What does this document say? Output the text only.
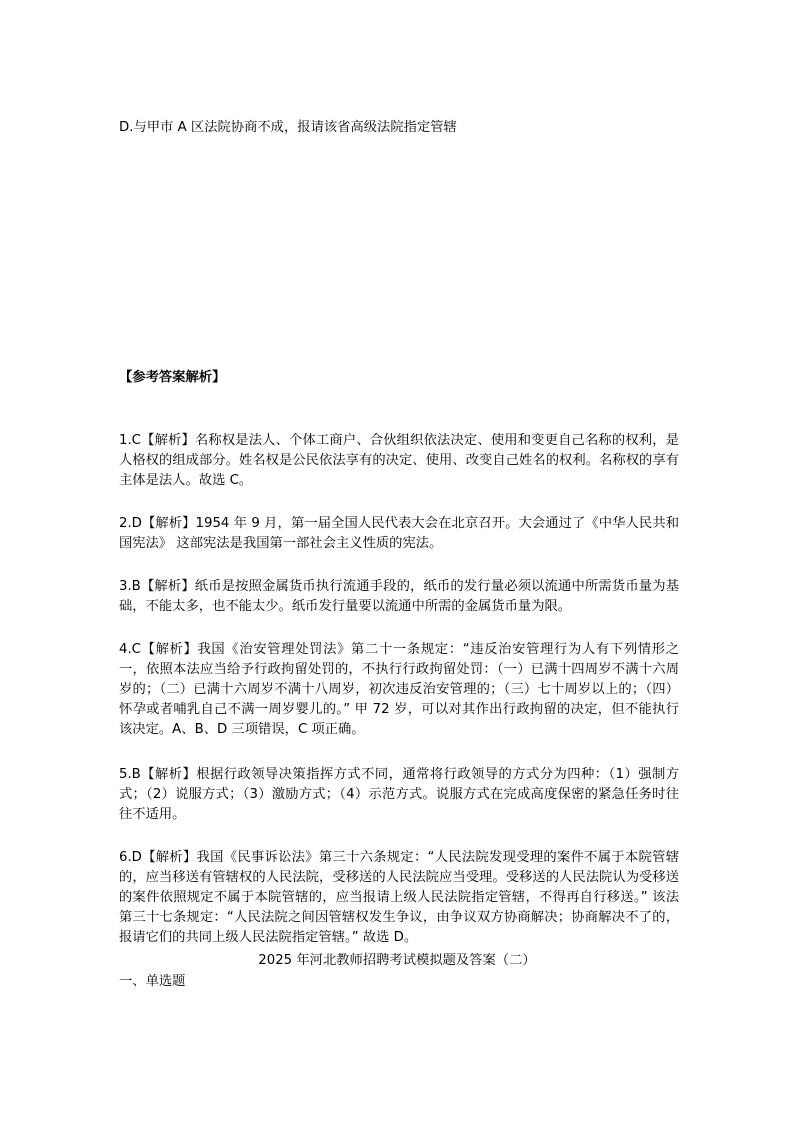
D.与甲市 A 区法院协商不成，报请该省高级法院指定管辖
【参考答案解析】
1.C【解析】名称权是法人、个体工商户、合伙组织依法决定、使用和变更自己名称的权利，是人格权的组成部分。姓名权是公民依法享有的决定、使用、改变自己姓名的权利。名称权的享有主体是法人。故选 C。
2.D【解析】1954 年 9 月，第一届全国人民代表大会在北京召开。大会通过了《中华人民共和国宪法》 这部宪法是我国第一部社会主义性质的宪法。
3.B【解析】纸币是按照金属货币执行流通手段的，纸币的发行量必须以流通中所需货币量为基础，不能太多，也不能太少。纸币发行量要以流通中所需的金属货币量为限。
4.C【解析】我国《治安管理处罚法》第二十一条规定：“违反治安管理行为人有下列情形之一，依照本法应当给予行政拘留处罚的，不执行行政拘留处罚：（一）已满十四周岁不满十六周岁的；（二）已满十六周岁不满十八周岁，初次违反治安管理的；（三）七十周岁以上的；（四）怀孕或者哺乳自己不满一周岁婴儿的。” 甲 72 岁，可以对其作出行政拘留的决定，但不能执行该决定。A、B、D 三项错误，C 项正确。
5.B【解析】根据行政领导决策指挥方式不同，通常将行政领导的方式分为四种：（1）强制方式；（2）说服方式；（3）激励方式；（4）示范方式。说服方式在完成高度保密的紧急任务时往往不适用。
6.D【解析】我国《民事诉讼法》第三十六条规定：“人民法院发现受理的案件不属于本院管辖的，应当移送有管辖权的人民法院，受移送的人民法院应当受理。受移送的人民法院认为受移送的案件依照规定不属于本院管辖的，应当报请上级人民法院指定管辖，不得再自行移送。” 该法第三十七条规定：“人民法院之间因管辖权发生争议，由争议双方协商解决；协商解决不了的，报请它们的共同上级人民法院指定管辖。” 故选 D。
2025 年河北教师招聘考试模拟题及答案（二）
一、单选题
